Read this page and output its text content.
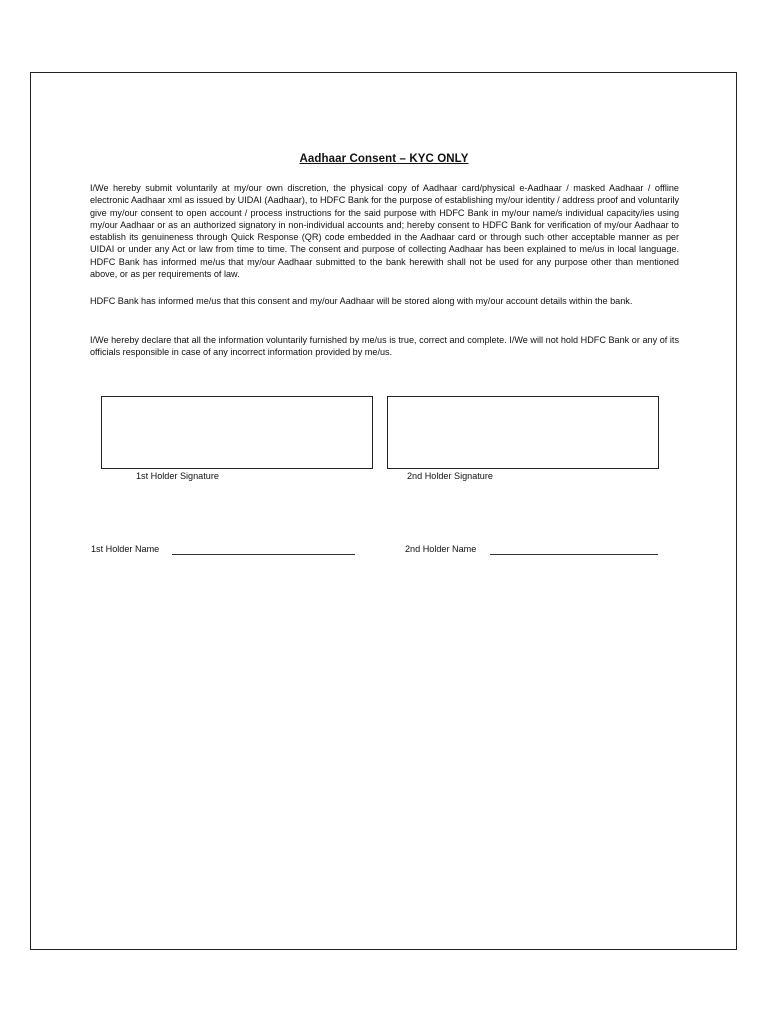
Aadhaar Consent – KYC ONLY

I/We hereby submit voluntarily at my/our own discretion, the physical copy of Aadhaar card/physical e-Aadhaar / masked Aadhaar / offline electronic Aadhaar xml as issued by UIDAI (Aadhaar), to HDFC Bank for the purpose of establishing my/our identity / address proof and voluntarily give my/our consent to open account / process instructions for the said purpose with HDFC Bank in my/our name/s individual capacity/ies using my/our Aadhaar or as an authorized signatory in non-individual accounts and; hereby consent to HDFC Bank for verification of my/our Aadhaar to establish its genuineness through Quick Response (QR) code embedded in the Aadhaar card or through such other acceptable manner as per UIDAI or under any Act or law from time to time. The consent and purpose of collecting Aadhaar has been explained to me/us in local language. HDFC Bank has informed me/us that my/our Aadhaar submitted to the bank herewith shall not be used for any purpose other than mentioned above, or as per requirements of law.

HDFC Bank has informed me/us that this consent and my/our Aadhaar will be stored along with my/our account details within the bank.

I/We hereby declare that all the information voluntarily furnished by me/us is true, correct and complete. I/We will not hold HDFC Bank or any of its officials responsible in case of any incorrect information provided by me/us.

1st Holder Signature	2nd Holder Signature
1st Holder Name	2nd Holder Name
